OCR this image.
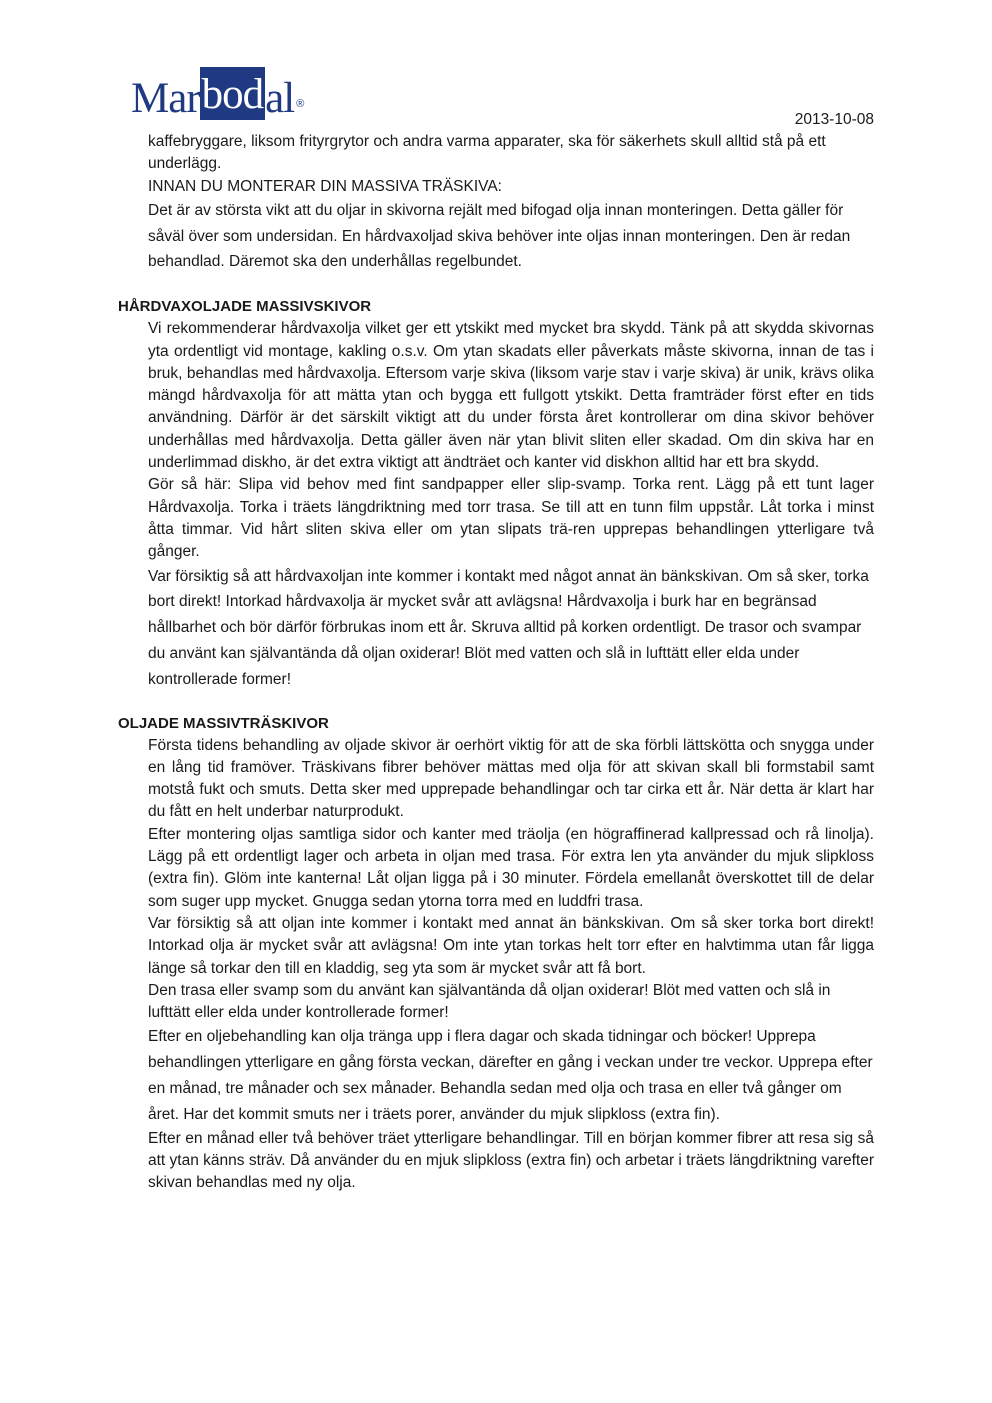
Mar bod al ®
2013-10-08

kaffebryggare, liksom frityrgrytor och andra varma apparater, ska för säkerhets skull alltid stå på ett underlägg.

INNAN DU MONTERAR DIN MASSIVA TRÄSKIVA:

Det är av största vikt att du oljar in skivorna rejält med bifogad olja innan monteringen. Detta gäller för såväl över som undersidan. En hårdvaxoljad skiva behöver inte oljas innan monteringen. Den är redan behandlad. Däremot ska den underhållas regelbundet.

HÅRDVAXOLJADE MASSIVSKIVOR

Vi rekommenderar hårdvaxolja vilket ger ett ytskikt med mycket bra skydd. Tänk på att skydda skivornas yta ordentligt vid montage, kakling o.s.v. Om ytan skadats eller påverkats måste skivorna, innan de tas i bruk, behandlas med hårdvaxolja. Eftersom varje skiva (liksom varje stav i varje skiva) är unik, krävs olika mängd hårdvaxolja för att mätta ytan och bygga ett fullgott ytskikt. Detta framträder först efter en tids användning. Därför är det särskilt viktigt att du under första året kontrollerar om dina skivor behöver underhållas med hårdvaxolja. Detta gäller även när ytan blivit sliten eller skadad. Om din skiva har en underlimmad diskho, är det extra viktigt att ändträet och kanter vid diskhon alltid har ett bra skydd.

Gör så här: Slipa vid behov med fint sandpapper eller slip-svamp. Torka rent. Lägg på ett tunt lager Hårdvaxolja. Torka i träets längdriktning med torr trasa. Se till att en tunn film uppstår. Låt torka i minst åtta timmar. Vid hårt sliten skiva eller om ytan slipats trä-ren upprepas behandlingen ytterligare två gånger.

Var försiktig så att hårdvaxoljan inte kommer i kontakt med något annat än bänkskivan. Om så sker, torka bort direkt! Intorkad hårdvaxolja är mycket svår att avlägsna! Hårdvaxolja i burk har en begränsad hållbarhet och bör därför förbrukas inom ett år. Skruva alltid på korken ordentligt. De trasor och svampar du använt kan självantända då oljan oxiderar! Blöt med vatten och slå in lufttätt eller elda under kontrollerade former!

OLJADE MASSIVTRÄSKIVOR

Första tidens behandling av oljade skivor är oerhört viktig för att de ska förbli lättskötta och snygga under en lång tid framöver. Träskivans fibrer behöver mättas med olja för att skivan skall bli formstabil samt motstå fukt och smuts. Detta sker med upprepade behandlingar och tar cirka ett år. När detta är klart har du fått en helt underbar naturprodukt.

Efter montering oljas samtliga sidor och kanter med träolja (en högraffinerad kallpressad och rå linolja). Lägg på ett ordentligt lager och arbeta in oljan med trasa. För extra len yta använder du mjuk slipkloss (extra fin). Glöm inte kanterna! Låt oljan ligga på i 30 minuter. Fördela emellanåt överskottet till de delar som suger upp mycket. Gnugga sedan ytorna torra med en luddfri trasa.

Var försiktig så att oljan inte kommer i kontakt med annat än bänkskivan. Om så sker torka bort direkt! Intorkad olja är mycket svår att avlägsna! Om inte ytan torkas helt torr efter en halvtimma utan får ligga länge så torkar den till en kladdig, seg yta som är mycket svår att få bort.

Den trasa eller svamp som du använt kan självantända då oljan oxiderar! Blöt med vatten och slå in lufttätt eller elda under kontrollerade former!

Efter en oljebehandling kan olja tränga upp i flera dagar och skada tidningar och böcker! Upprepa behandlingen ytterligare en gång första veckan, därefter en gång i veckan under tre veckor. Upprepa efter en månad, tre månader och sex månader. Behandla sedan med olja och trasa en eller två gånger om året. Har det kommit smuts ner i träets porer, använder du mjuk slipkloss (extra fin).

Efter en månad eller två behöver träet ytterligare behandlingar. Till en början kommer fibrer att resa sig så att ytan känns sträv. Då använder du en mjuk slipkloss (extra fin) och arbetar i träets längdriktning varefter skivan behandlas med ny olja.
